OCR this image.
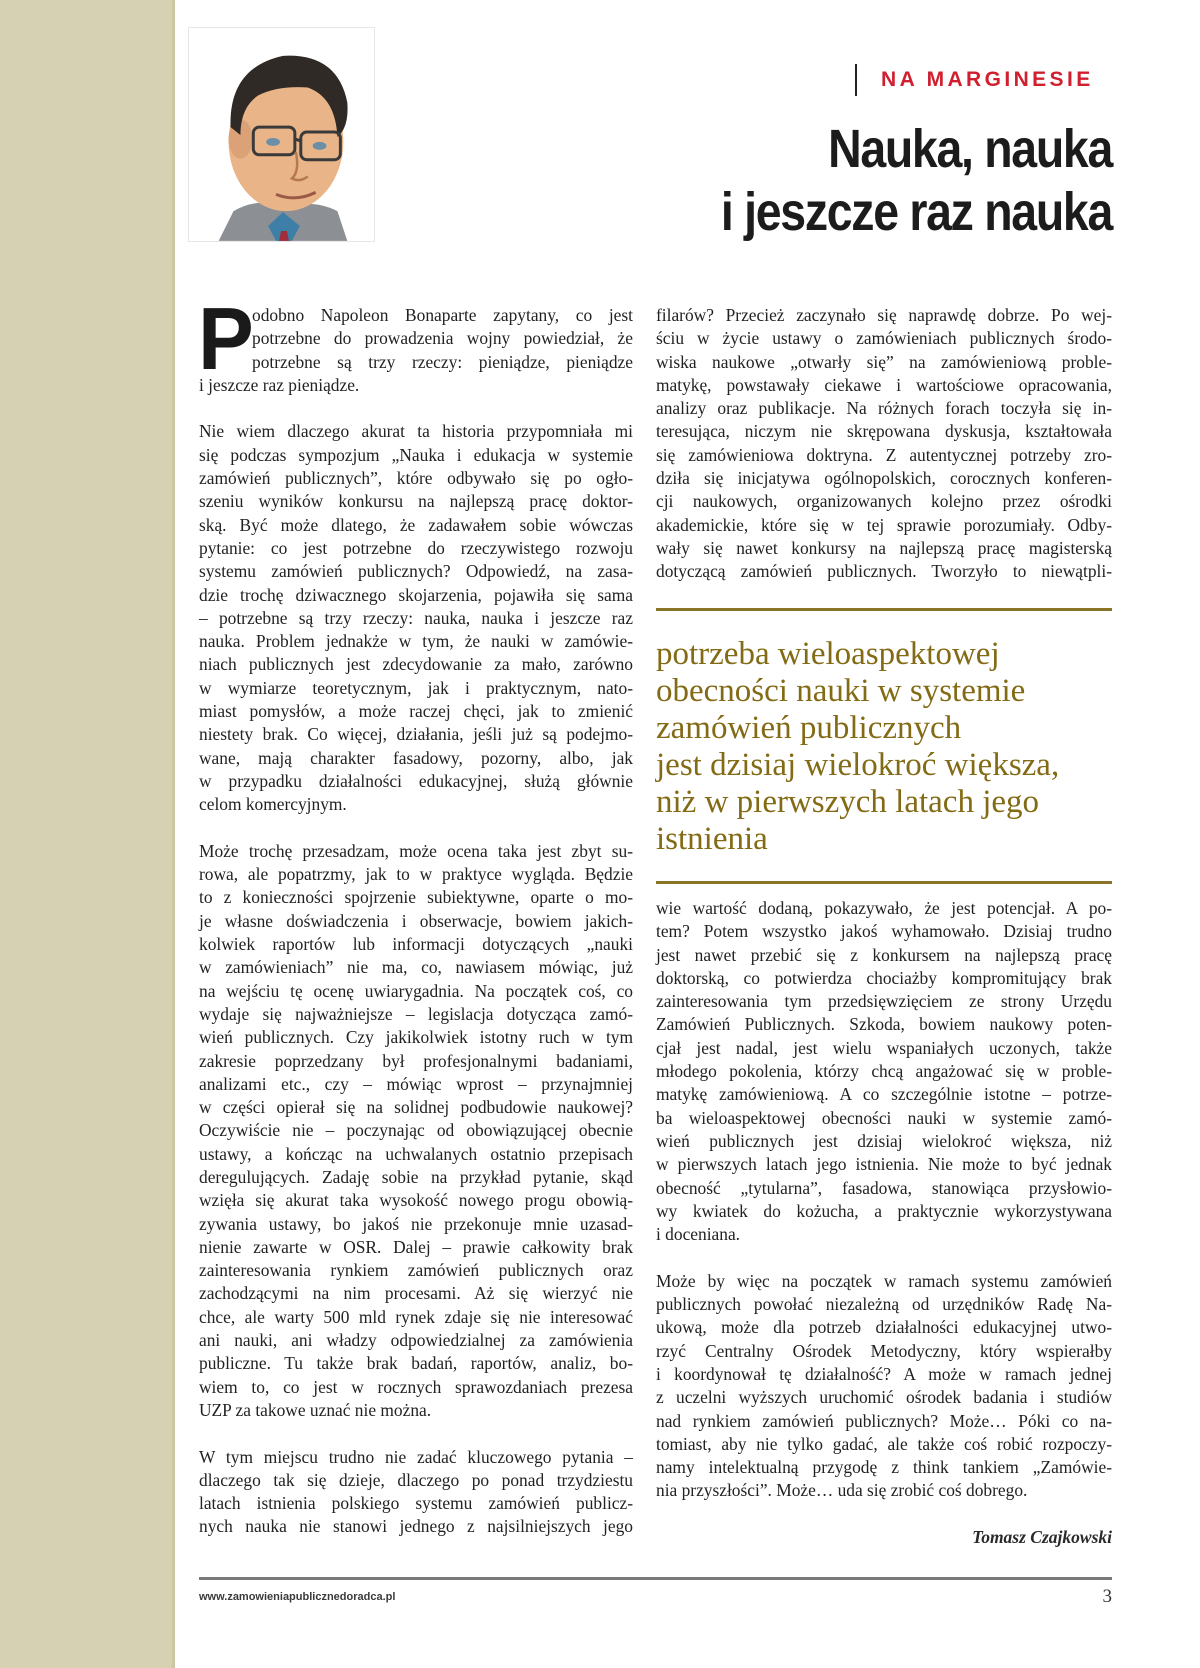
NA MARGINESIE
Nauka, nauka
i jeszcze raz nauka
P
odobno Napoleon Bonaparte zapytany, co jest
potrzebne do prowadzenia wojny powiedział, że
potrzebne są trzy rzeczy: pieniądze, pieniądze
i jeszcze raz pieniądze.
Nie wiem dlaczego akurat ta historia przypomniała mi
się podczas sympozjum „Nauka i edukacja w systemie
zamówień publicznych”, które odbywało się po ogło-
szeniu wyników konkursu na najlepszą pracę doktor-
ską. Być może dlatego, że zadawałem sobie wówczas
pytanie: co jest potrzebne do rzeczywistego rozwoju
systemu zamówień publicznych? Odpowiedź, na zasa-
dzie trochę dziwacznego skojarzenia, pojawiła się sama
– potrzebne są trzy rzeczy: nauka, nauka i jeszcze raz
nauka. Problem jednakże w tym, że nauki w zamówie-
niach publicznych jest zdecydowanie za mało, zarówno
w wymiarze teoretycznym, jak i praktycznym, nato-
miast pomysłów, a może raczej chęci, jak to zmienić
niestety brak. Co więcej, działania, jeśli już są podejmo-
wane, mają charakter fasadowy, pozorny, albo, jak
w przypadku działalności edukacyjnej, służą głównie
celom komercyjnym.
Może trochę przesadzam, może ocena taka jest zbyt su-
rowa, ale popatrzmy, jak to w praktyce wygląda. Będzie
to z konieczności spojrzenie subiektywne, oparte o mo-
je własne doświadczenia i obserwacje, bowiem jakich-
kolwiek raportów lub informacji dotyczących „nauki
w zamówieniach” nie ma, co, nawiasem mówiąc, już
na wejściu tę ocenę uwiarygadnia. Na początek coś, co
wydaje się najważniejsze – legislacja dotycząca zamó-
wień publicznych. Czy jakikolwiek istotny ruch w tym
zakresie poprzedzany był profesjonalnymi badaniami,
analizami etc., czy – mówiąc wprost – przynajmniej
w części opierał się na solidnej podbudowie naukowej?
Oczywiście nie – poczynając od obowiązującej obecnie
ustawy, a kończąc na uchwalanych ostatnio przepisach
deregulujących. Zadaję sobie na przykład pytanie, skąd
wzięła się akurat taka wysokość nowego progu obowią-
zywania ustawy, bo jakoś nie przekonuje mnie uzasad-
nienie zawarte w OSR. Dalej – prawie całkowity brak
zainteresowania rynkiem zamówień publicznych oraz
zachodzącymi na nim procesami. Aż się wierzyć nie
chce, ale warty 500 mld rynek zdaje się nie interesować
ani nauki, ani władzy odpowiedzialnej za zamówienia
publiczne. Tu także brak badań, raportów, analiz, bo-
wiem to, co jest w rocznych sprawozdaniach prezesa
UZP za takowe uznać nie można.
W tym miejscu trudno nie zadać kluczowego pytania –
dlaczego tak się dzieje, dlaczego po ponad trzydziestu
latach istnienia polskiego systemu zamówień publicz-
nych nauka nie stanowi jednego z najsilniejszych jego
filarów? Przecież zaczynało się naprawdę dobrze. Po wej-
ściu w życie ustawy o zamówieniach publicznych środo-
wiska naukowe „otwarły się” na zamówieniową proble-
matykę, powstawały ciekawe i wartościowe opracowania,
analizy oraz publikacje. Na różnych forach toczyła się in-
teresująca, niczym nie skrępowana dyskusja, kształtowała
się zamówieniowa doktryna. Z autentycznej potrzeby zro-
dziła się inicjatywa ogólnopolskich, corocznych konferen-
cji naukowych, organizowanych kolejno przez ośrodki
akademickie, które się w tej sprawie porozumiały. Odby-
wały się nawet konkursy na najlepszą pracę magisterską
dotyczącą zamówień publicznych. Tworzyło to niewątpli-
potrzeba wieloaspektowej
obecności nauki w systemie
zamówień publicznych
jest dzisiaj wielokroć większa,
niż w pierwszych latach jego
istnienia
wie wartość dodaną, pokazywało, że jest potencjał. A po-
tem? Potem wszystko jakoś wyhamowało. Dzisiaj trudno
jest nawet przebić się z konkursem na najlepszą pracę
doktorską, co potwierdza chociażby kompromitujący brak
zainteresowania tym przedsięwzięciem ze strony Urzędu
Zamówień Publicznych. Szkoda, bowiem naukowy poten-
cjał jest nadal, jest wielu wspaniałych uczonych, także
młodego pokolenia, którzy chcą angażować się w proble-
matykę zamówieniową. A co szczególnie istotne – potrze-
ba wieloaspektowej obecności nauki w systemie zamó-
wień publicznych jest dzisiaj wielokroć większa, niż
w pierwszych latach jego istnienia. Nie może to być jednak
obecność „tytularna”, fasadowa, stanowiąca przysłowio-
wy kwiatek do kożucha, a praktycznie wykorzystywana
i doceniana.
Może by więc na początek w ramach systemu zamówień
publicznych powołać niezależną od urzędników Radę Na-
ukową, może dla potrzeb działalności edukacyjnej utwo-
rzyć Centralny Ośrodek Metodyczny, który wspierałby
i koordynował tę działalność? A może w ramach jednej
z uczelni wyższych uruchomić ośrodek badania i studiów
nad rynkiem zamówień publicznych? Może… Póki co na-
tomiast, aby nie tylko gadać, ale także coś robić rozpoczy-
namy intelektualną przygodę z think tankiem „Zamówie-
nia przyszłości”. Może… uda się zrobić coś dobrego.
Tomasz Czajkowski
www.zamowieniapublicznedoradca.pl	3
